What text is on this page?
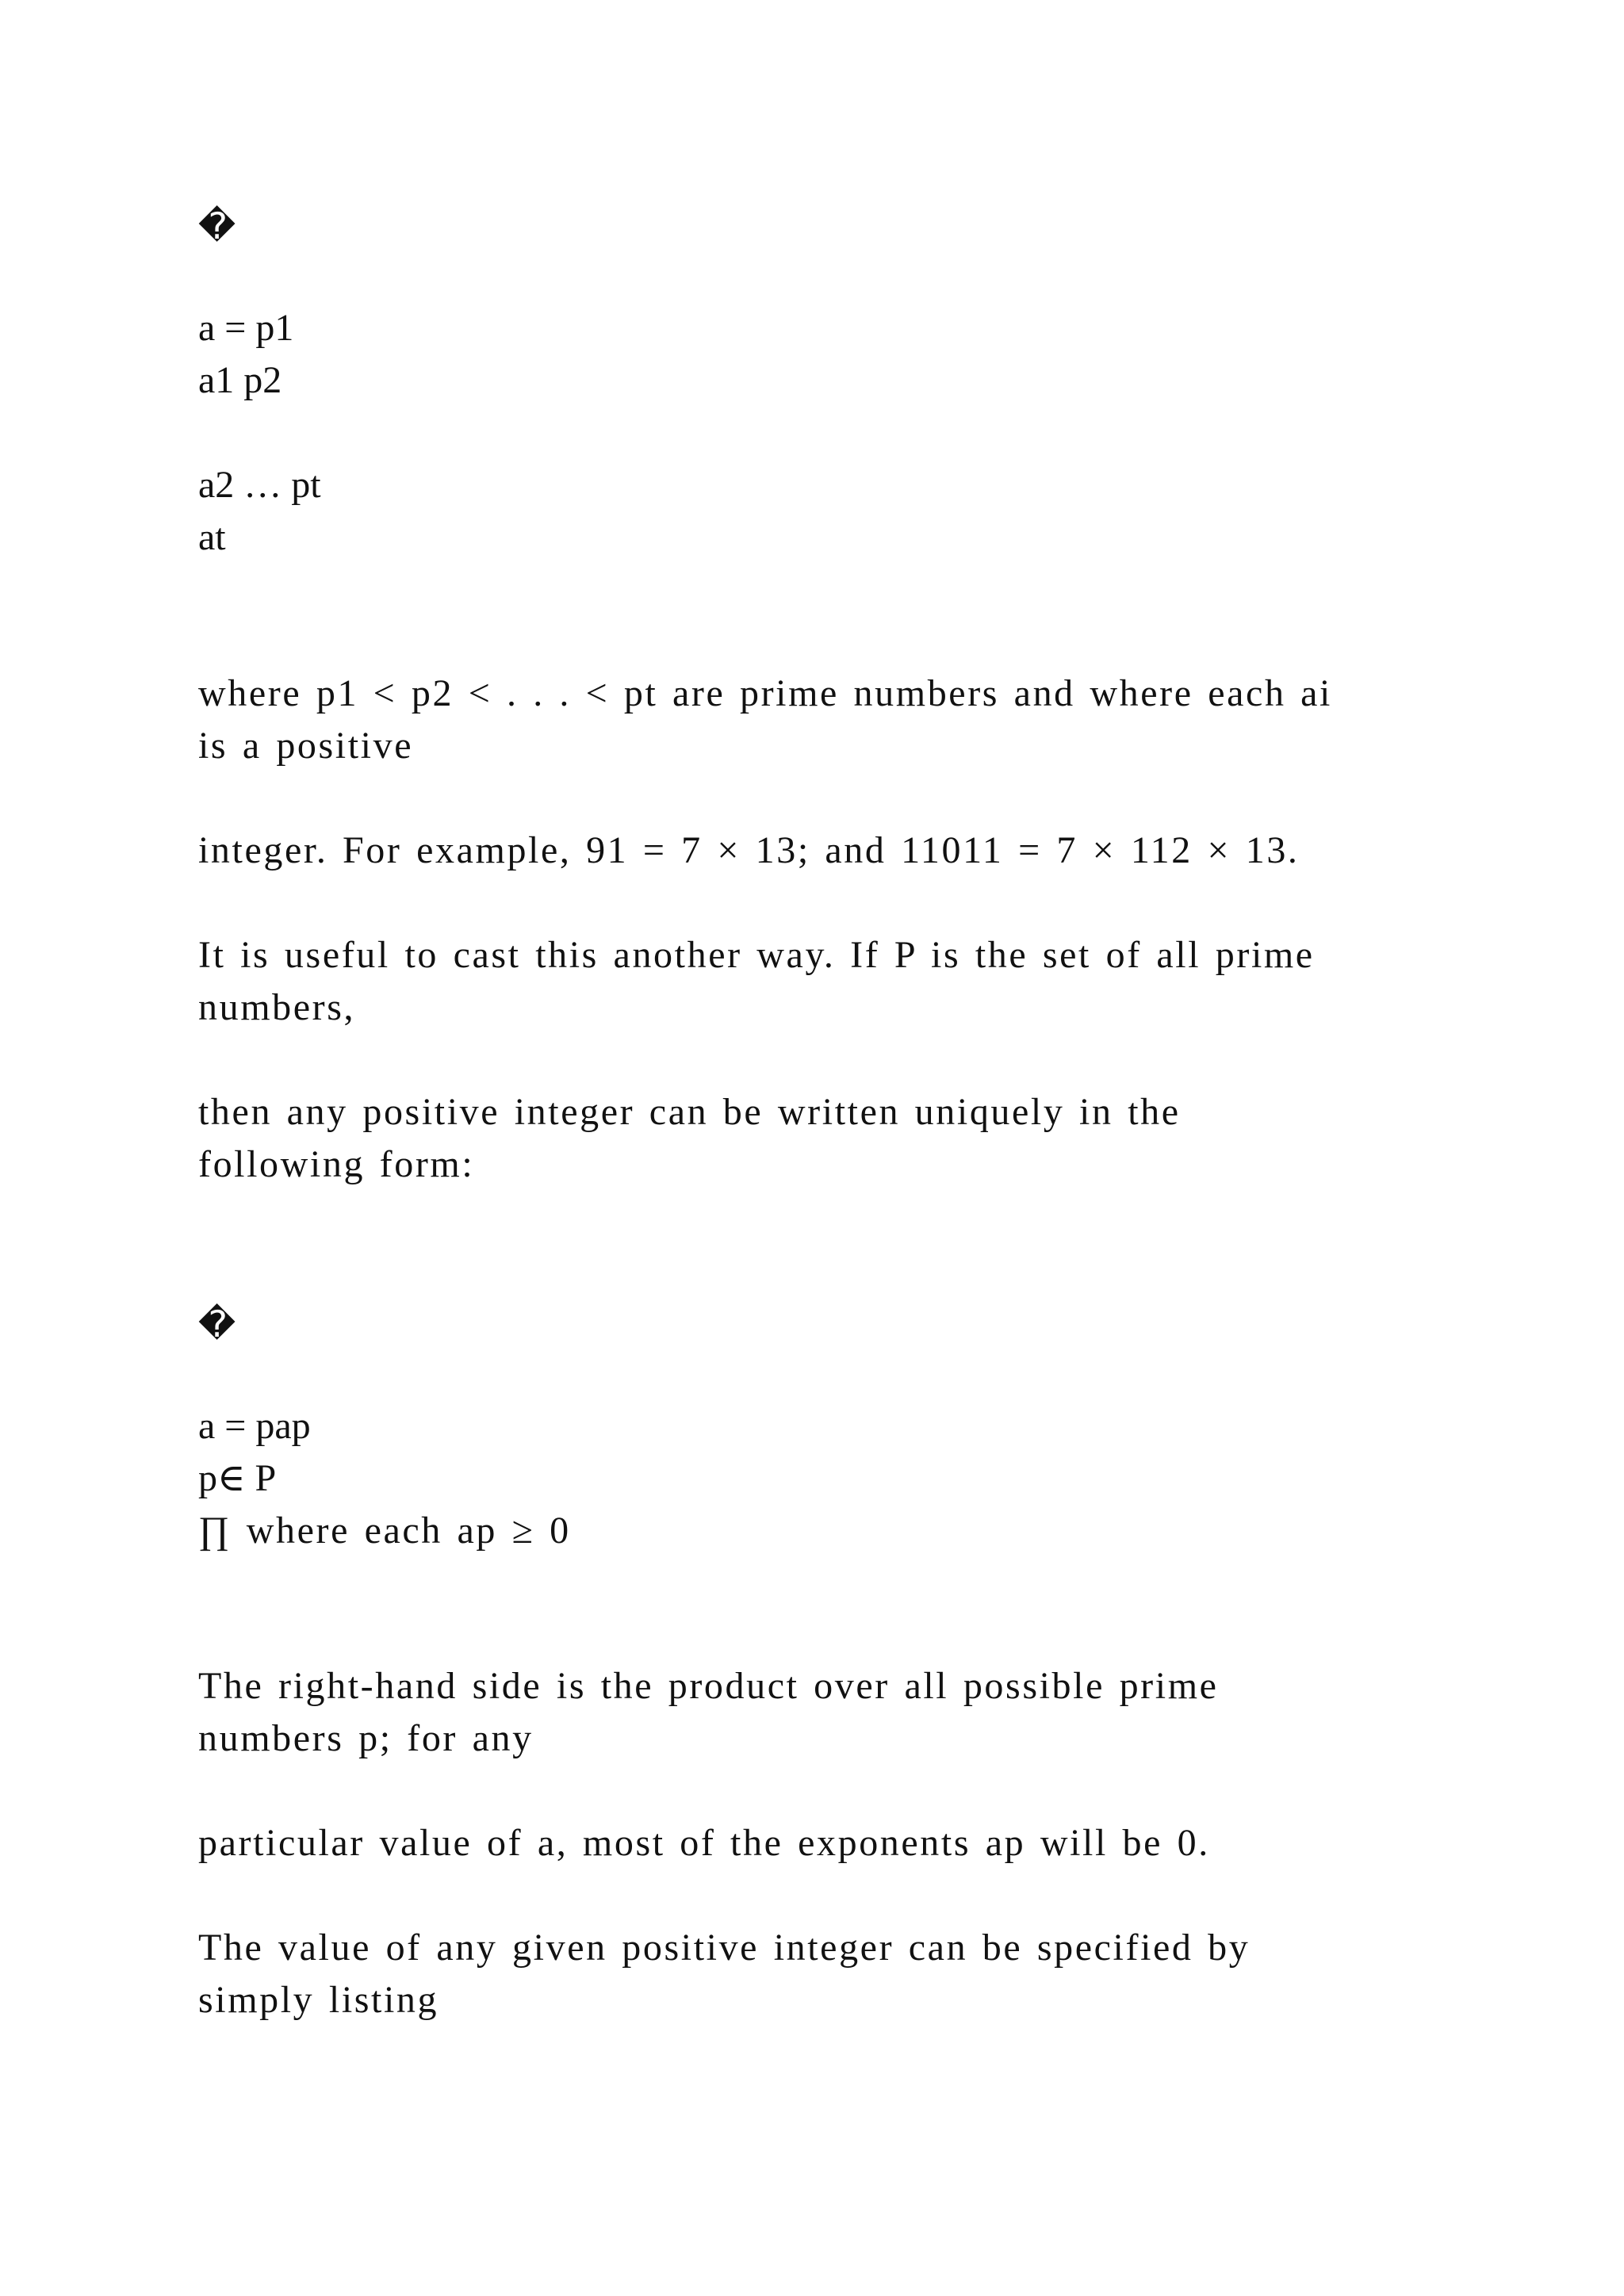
�
a = p1
a1 p2
a2 … pt
at
where p1 < p2 < . . . < pt are prime numbers and where each ai
is a positive
integer. For example, 91 = 7 × 13; and 11011 = 7 × 112 × 13.
It is useful to cast this another way. If P is the set of all prime
numbers,
then any positive integer can be written uniquely in the
following form:
�
a = pap
p∈ P
∏ where each ap ≥ 0
The right-hand side is the product over all possible prime
numbers p; for any
particular value of a, most of the exponents ap will be 0.
The value of any given positive integer can be specified by
simply listing
